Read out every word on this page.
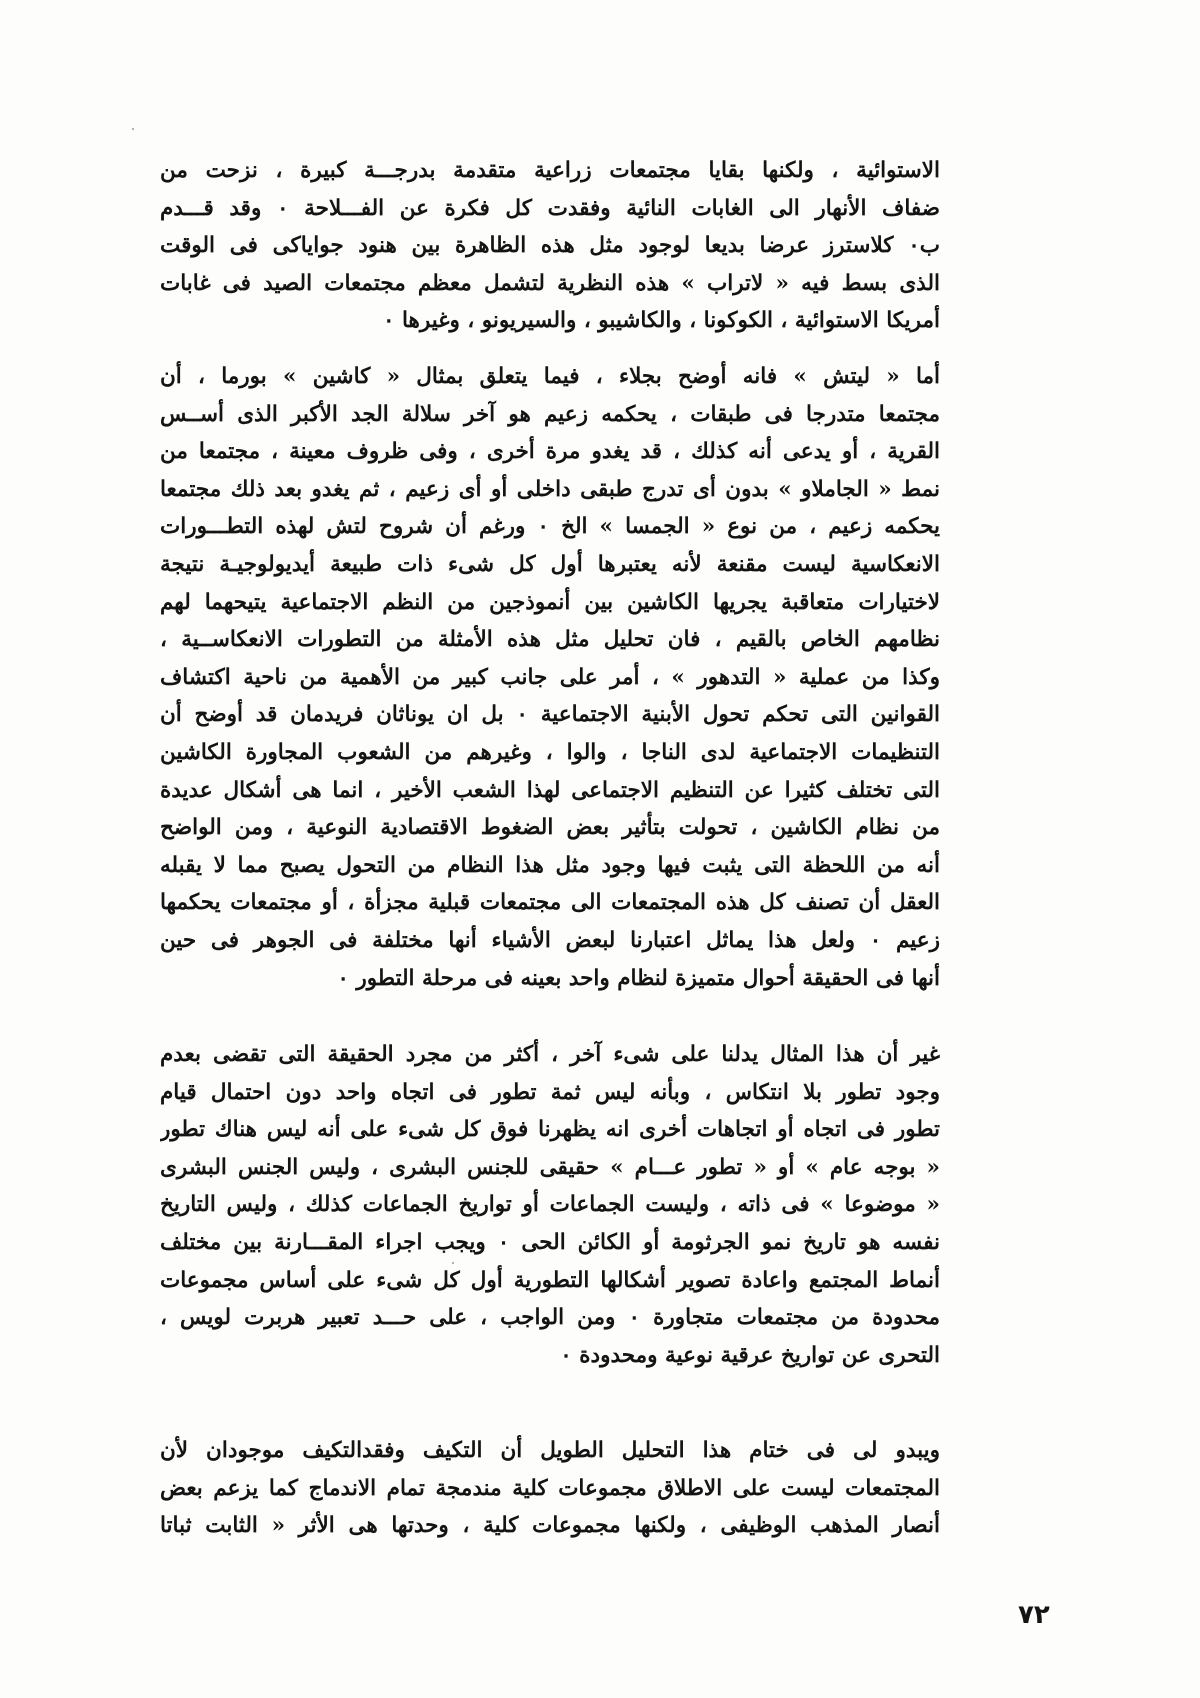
الاستوائية ، ولكنها بقايا مجتمعات زراعية متقدمة بدرجـــة كبيرة ، نزحت من
ضفاف الأنهار الى الغابات النائية وفقدت كل فكرة عن الفـــلاحة ٠ وقد قـــدم
ب٠ كلاسترز عرضا بديعا لوجود مثل هذه الظاهرة بين هنود جواياكى فى الوقت
الذى بسط فيه « لاتراب » هذه النظرية لتشمل معظم مجتمعات الصيد فى غابات
أمريكا الاستوائية ، الكوكونا ، والكاشيبو ، والسيريونو ، وغيرها ٠
أما « ليتش » فانه أوضح بجلاء ، فيما يتعلق بمثال « كاشين » بورما ، أن
مجتمعا متدرجا فى طبقات ، يحكمه زعيم هو آخر سلالة الجد الأكبر الذى أســس
القرية ، أو يدعى أنه كذلك ، قد يغدو مرة أخرى ، وفى ظروف معينة ، مجتمعا من
نمط « الجاملاو » بدون أى تدرج طبقى داخلى أو أى زعيم ، ثم يغدو بعد ذلك مجتمعا
يحكمه زعيم ، من نوع « الجمسا » الخ ٠ ورغم أن شروح لتش لهذه التطـــورات
الانعكاسية ليست مقنعة لأنه يعتبرها أول كل شىء ذات طبيعة أيديولوجيـة نتيجة
لاختيارات متعاقبة يجريها الكاشين بين أنموذجين من النظم الاجتماعية يتيحهما لهم
نظامهم الخاص بالقيم ، فان تحليل مثل هذه الأمثلة من التطورات الانعكاســية ،
وكذا من عملية « التدهور » ، أمر على جانب كبير من الأهمية من ناحية اكتشاف
القوانين التى تحكم تحول الأبنية الاجتماعية ٠ بل ان يوناثان فريدمان قد أوضح أن
التنظيمات الاجتماعية لدى الناجا ، والوا ، وغيرهم من الشعوب المجاورة الكاشين
التى تختلف كثيرا عن التنظيم الاجتماعى لهذا الشعب الأخير ، انما هى أشكال عديدة
من نظام الكاشين ، تحولت بتأثير بعض الضغوط الاقتصادية النوعية ، ومن الواضح
أنه من اللحظة التى يثبت فيها وجود مثل هذا النظام من التحول يصبح مما لا يقبله
العقل أن تصنف كل هذه المجتمعات الى مجتمعات قبلية مجزأة ، أو مجتمعات يحكمها
زعيم ٠ ولعل هذا يماثل اعتبارنا لبعض الأشياء أنها مختلفة فى الجوهر فى حين
أنها فى الحقيقة أحوال متميزة لنظام واحد بعينه فى مرحلة التطور ٠
غير أن هذا المثال يدلنا على شىء آخر ، أكثر من مجرد الحقيقة التى تقضى بعدم
وجود تطور بلا انتكاس ، وبأنه ليس ثمة تطور فى اتجاه واحد دون احتمال قيام
تطور فى اتجاه أو اتجاهات أخرى انه يظهرنا فوق كل شىء على أنه ليس هناك تطور
« بوجه عام » أو « تطور عـــام » حقيقى للجنس البشرى ، وليس الجنس البشرى
« موضوعا » فى ذاته ، وليست الجماعات أو تواريخ الجماعات كذلك ، وليس التاريخ
نفسه هو تاريخ نمو الجرثومة أو الكائن الحى ٠ ويجب اجراء المقـــارنة بين مختلف
أنماط المجتمع واعادة تصوير أشكالها التطورية أول كل شىء على أساس مجموعات
محدودة من مجتمعات متجاورة ٠ ومن الواجب ، على حـــد تعبير هربرت لويس ،
التحرى عن تواريخ عرقية نوعية ومحدودة ٠
ويبدو لى فى ختام هذا التحليل الطويل أن التكيف وفقدالتكيف موجودان لأن
المجتمعات ليست على الاطلاق مجموعات كلية مندمجة تمام الاندماج كما يزعم بعض
أنصار المذهب الوظيفى ، ولكنها مجموعات كلية ، وحدتها هى الأثر « الثابت ثباتا
٧٢
